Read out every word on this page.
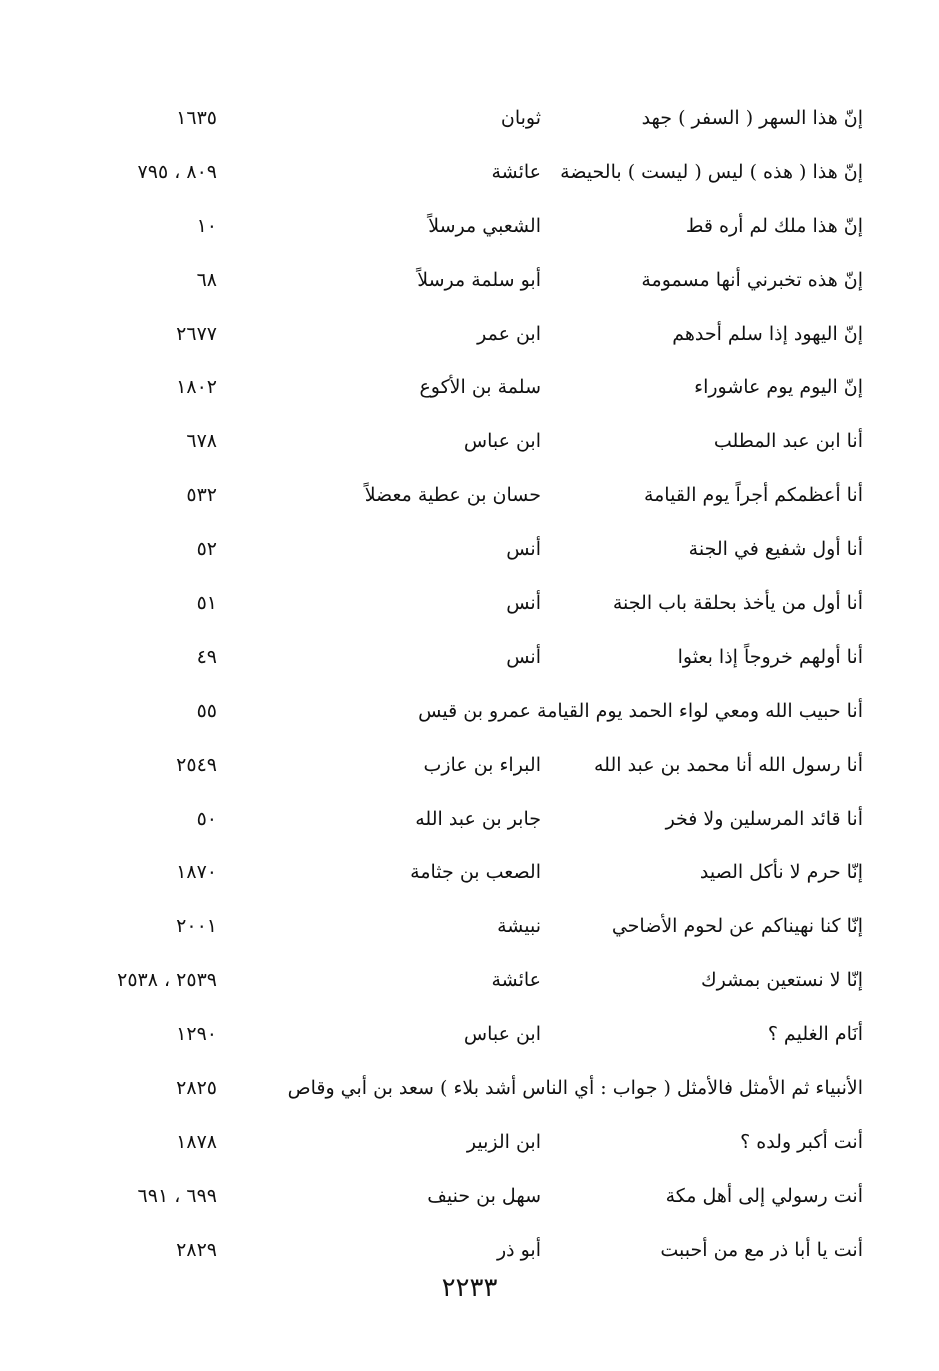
إنّ هذا السهر ( السفر ) جهد
ثوبان
١٦٣٥
إنّ هذا ( هذه ) ليس ( ليست ) بالحيضة
عائشة
٨٠٩ ، ٧٩٥
إنّ هذا ملك لم أره قط
الشعبي مرسلاً
١٠
إنّ هذه تخبرني أنها مسمومة
أبو سلمة مرسلاً
٦٨
إنّ اليهود إذا سلم أحدهم
ابن عمر
٢٦٧٧
إنّ اليوم يوم عاشوراء
سلمة بن الأكوع
١٨٠٢
أنا ابن عبد المطلب
ابن عباس
٦٧٨
أنا أعظمكم أجراً يوم القيامة
حسان بن عطية معضلاً
٥٣٢
أنا أول شفيع في الجنة
أنس
٥٢
أنا أول من يأخذ بحلقة باب الجنة
أنس
٥١
أنا أولهم خروجاً إذا بعثوا
أنس
٤٩
أنا حبيب الله ومعي لواء الحمد يوم القيامة عمرو بن قيس
٥٥
أنا رسول الله أنا محمد بن عبد الله
البراء بن عازب
٢٥٤٩
أنا قائد المرسلين ولا فخر
جابر بن عبد الله
٥٠
إنّا حرم لا نأكل الصيد
الصعب بن جثامة
١٨٧٠
إنّا كنا نهيناكم عن لحوم الأضاحي
نبيشة
٢٠٠١
إنّا لا نستعين بمشرك
عائشة
٢٥٣٩ ، ٢٥٣٨
أنَام الغليم ؟
ابن عباس
١٢٩٠
الأنبياء ثم الأمثل فالأمثل ( جواب : أي الناس أشد بلاء ) سعد بن أبي وقاص
٢٨٢٥
أنت أكبر ولده ؟
ابن الزبير
١٨٧٨
أنت رسولي إلى أهل مكة
سهل بن حنيف
٦٩٩ ، ٦٩١
أنت يا أبا ذر مع من أحببت
أبو ذر
٢٨٢٩
٢٢٣٣
